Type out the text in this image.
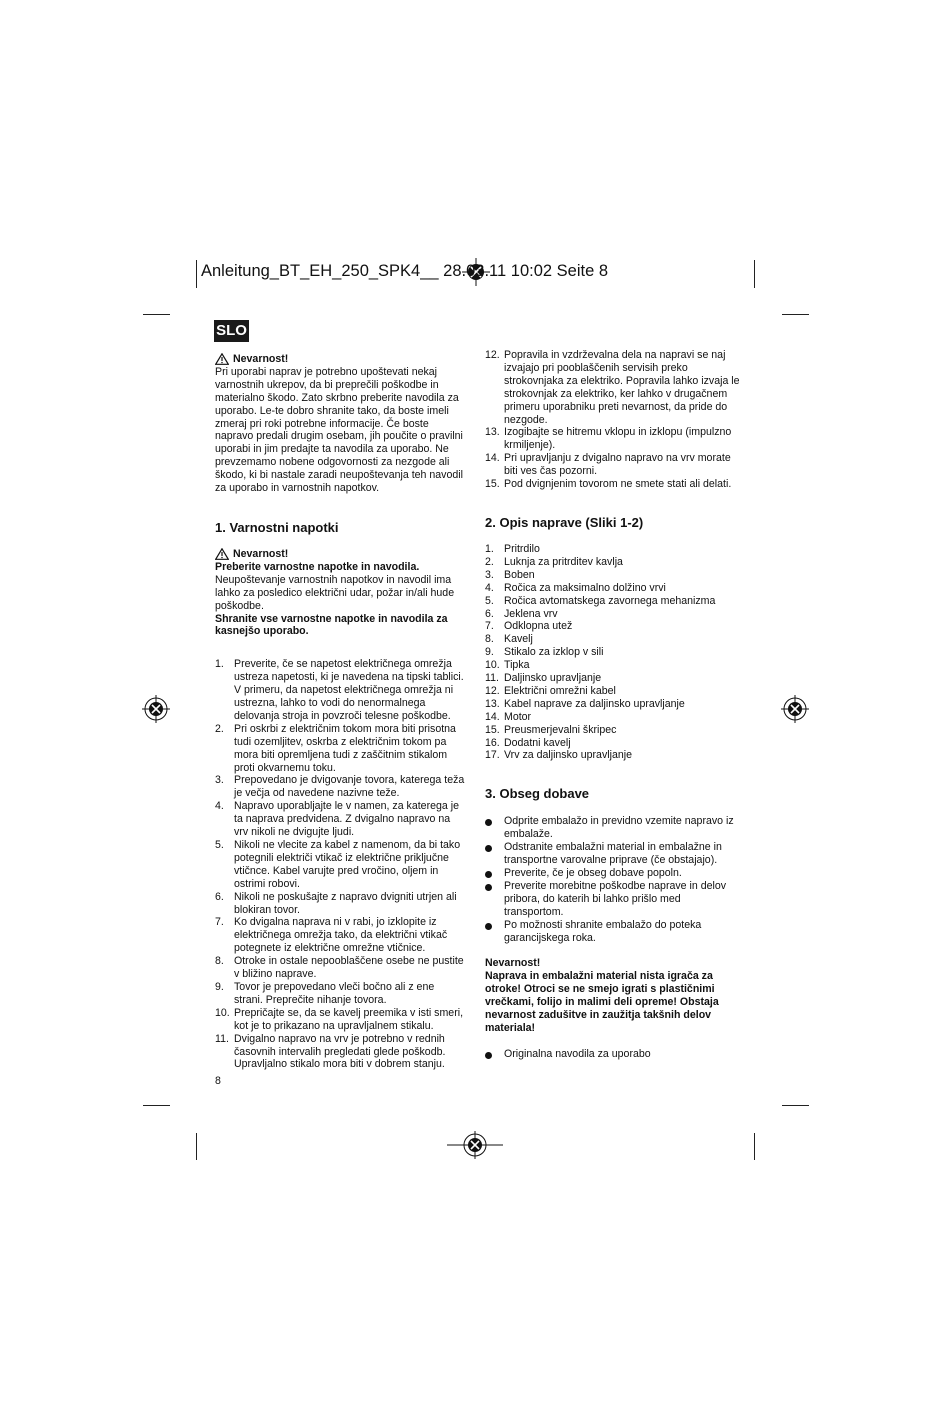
Anleitung_BT_EH_250_SPK4__ 28.03.11 10:02 Seite 8
SLO
Nevarnost!

Pri uporabi naprav je potrebno upoštevati nekaj varnostnih ukrepov, da bi preprečili poškodbe in materialno škodo. Zato skrbno preberite navodila za uporabo. Le-te dobro shranite tako, da boste imeli zmeraj pri roki potrebne informacije. Če boste napravo predali drugim osebam, jih poučite o pravilni uporabi in jim predajte ta navodila za uporabo. Ne prevzemamo nobene odgovornosti za nezgode ali škodo, ki bi nastale zaradi neupoštevanja teh navodil za uporabo in varnostnih napotkov.

1. Varnostni napotki
Nevarnost!

Preberite varnostne napotke in navodila.

Neupoštevanje varnostnih napotkov in navodil ima lahko za posledico električni udar, požar in/ali hude poškodbe.

Shranite vse varnostne napotke in navodila za kasnejšo uporabo.

1. Preverite, če se napetost električnega omrežja ustreza napetosti, ki je navedena na tipski tablici. V primeru, da napetost električnega omrežja ni ustrezna, lahko to vodi do nenormalnega delovanja stroja in povzroči telesne poškodbe.
2. Pri oskrbi z električnim tokom mora biti prisotna tudi ozemljitev, oskrba z električnim tokom pa mora biti opremljena tudi z zaščitnim stikalom proti okvarnemu toku.
3. Prepovedano je dvigovanje tovora, katerega teža je večja od navedene nazivne teže.
4. Napravo uporabljajte le v namen, za katerega je ta naprava predvidena. Z dvigalno napravo na vrv nikoli ne dvigujte ljudi.
5. Nikoli ne vlecite za kabel z namenom, da bi tako potegnili električi vtikač iz električne priključne vtičnce. Kabel varujte pred vročino, oljem in ostrimi robovi.
6. Nikoli ne poskušajte z napravo dvigniti utrjen ali blokiran tovor.
7. Ko dvigalna naprava ni v rabi, jo izklopite iz električnega omrežja tako, da električni vtikač potegnete iz električne omrežne vtičnice.
8. Otroke in ostale nepooblaščene osebe ne pustite v bližino naprave.
9. Tovor je prepovedano vleči bočno ali z ene strani. Preprečite nihanje tovora.
10. Prepričajte se, da se kavelj preemika v isti smeri, kot je to prikazano na upravljalnem stikalu.
11. Dvigalno napravo na vrv je potrebno v rednih časovnih intervalih pregledati glede poškodb. Upravljalno stikalo mora biti v dobrem stanju.
8
12. Popravila in vzdrževalna dela na napravi se naj izvajajo pri pooblaščenih servisih preko strokovnjaka za elektriko. Popravila lahko izvaja le strokovnjak za elektriko, ker lahko v drugačnem primeru uporabniku preti nevarnost, da pride do nezgode.
13. Izogibajte se hitremu vklopu in izklopu (impulzno krmiljenje).
14. Pri upravljanju z dvigalno napravo na vrv morate biti ves čas pozorni.
15. Pod dvignjenim tovorom ne smete stati ali delati.
2. Opis naprave (Sliki 1-2)
1. Pritrdilo
2. Luknja za pritrditev kavlja
3. Boben
4. Ročica za maksimalno dolžino vrvi
5. Ročica avtomatskega zavornega mehanizma
6. Jeklena vrv
7. Odklopna utež
8. Kavelj
9. Stikalo za izklop v sili
10. Tipka
11. Daljinsko upravljanje
12. Električni omrežni kabel
13. Kabel naprave za daljinsko upravljanje
14. Motor
15. Preusmerjevalni škripec
16. Dodatni kavelj
17. Vrv za daljinsko upravljanje
3. Obseg dobave
Odprite embalažo in previdno vzemite napravo iz embalaže.
Odstranite embalažni material in embalažne in transportne varovalne priprave (če obstajajo).
Preverite, če je obseg dobave popoln.
Preverite morebitne poškodbe naprave in delov pribora, do katerih bi lahko prišlo med transportom.
Po možnosti shranite embalažo do poteka garancijskega roka.

Nevarnost!

Naprava in embalažni material nista igrača za otroke! Otroci se ne smejo igrati s plastičnimi vrečkami, folijo in malimi deli opreme! Obstaja nevarnost zadušitve in zaužitja takšnih delov materiala!

Originalna navodila za uporabo
